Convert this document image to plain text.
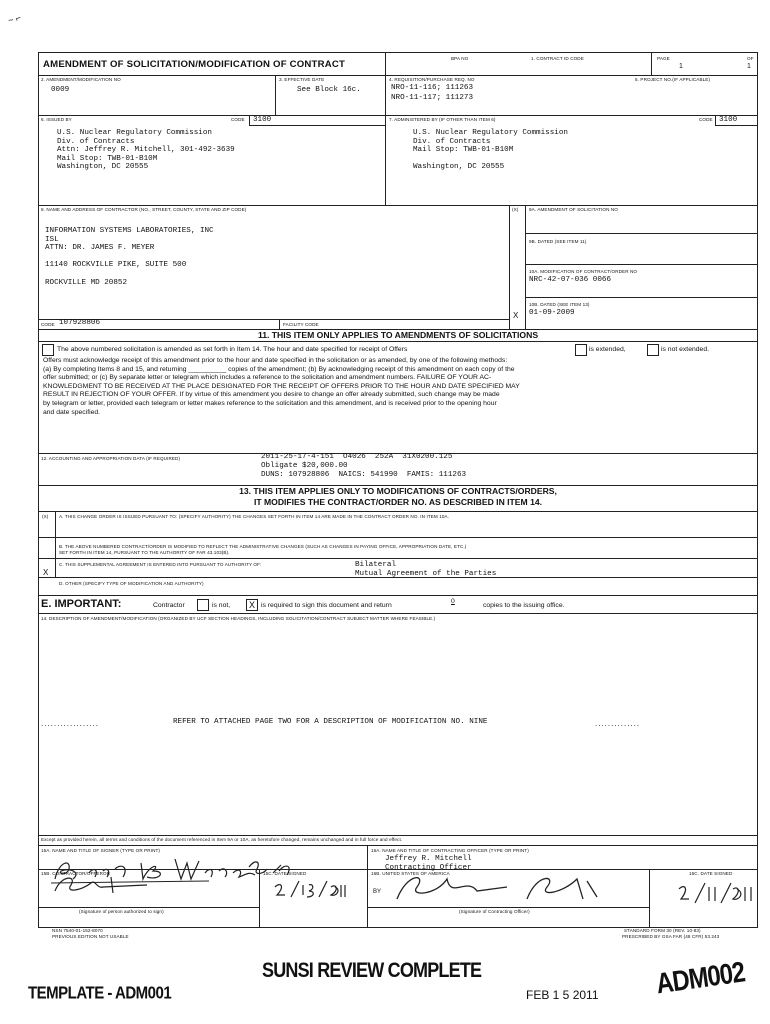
~ ⌐
AMENDMENT OF SOLICITATION/MODIFICATION OF CONTRACT
BPA NO	1. CONTRACT ID CODE	PAGE	OF
1	1
2. AMENDMENT/MODIFICATION NO
0009
3. EFFECTIVE DATE
See Block 16c.
4. REQUISITION/PURCHASE REQ. NO
NRO-11-116; 111263
NRO-11-117; 111273
5. PROJECT NO.(IF APPLICABLE)
6. ISSUED BY	CODE 3100
U.S. Nuclear Regulatory Commission
Div. of Contracts
Attn: Jeffrey R. Mitchell, 301-492-3639
Mail Stop: TWB-01-B10M
Washington, DC 20555
7. ADMINISTERED BY (IF OTHER THAN ITEM 6)	CODE 3100
U.S. Nuclear Regulatory Commission
Div. of Contracts
Mail Stop: TWB-01-B10M
Washington, DC 20555
8. NAME AND ADDRESS OF CONTRACTOR (NO., STREET, COUNTY, STATE AND ZIP CODE)
INFORMATION SYSTEMS LABORATORIES, INC
ISL
ATTN: DR. JAMES F. MEYER
11140 ROCKVILLE PIKE, SUITE 500
ROCKVILLE MD 20852
(X) 9A. AMENDMENT OF SOLICITATION NO
9B. DATED (SEE ITEM 11)
10A. MODIFICATION OF CONTRACT/ORDER NO
NRC-42-07-036 0066
10B. DATED (SEE ITEM 13)
01-09-2009
X
CODE 107928806	FACILITY CODE
11. THIS ITEM ONLY APPLIES TO AMENDMENTS OF SOLICITATIONS
The above numbered solicitation is amended as set forth in Item 14. The hour and date specified for receipt of Offers	is extended,	is not extended.
Offers must acknowledge receipt of this amendment prior to the hour and date specified in the solicitation or as amended, by one of the following methods:
(a) By completing Items 8 and 15, and returning __________ copies of the amendment; (b) By acknowledging receipt of this amendment on each copy of the
offer submitted; or (c) By separate letter or telegram which includes a reference to the solicitation and amendment numbers. FAILURE OF YOUR AC-
KNOWLEDGMENT TO BE RECEIVED AT THE PLACE DESIGNATED FOR THE RECEIPT OF OFFERS PRIOR TO THE HOUR AND DATE SPECIFIED MAY
RESULT IN REJECTION OF YOUR OFFER. If by virtue of this amendment you desire to change an offer already submitted, such change may be made
by telegram or letter, provided each telegram or letter makes reference to the solicitation and this amendment, and is received prior to the opening hour
and date specified.
12. ACCOUNTING AND APPROPRIATION DATA (IF REQUIRED)	2011-25-17-4-151  O4026  252A  31X0200.125
Obligate $20,000.00
DUNS: 107928806  NAICS: 541990  FAMIS: 111263
13. THIS ITEM APPLIES ONLY TO MODIFICATIONS OF CONTRACTS/ORDERS,
IT MODIFIES THE CONTRACT/ORDER NO. AS DESCRIBED IN ITEM 14.
(X) A. THIS CHANGE ORDER IS ISSUED PURSUANT TO: (SPECIFY AUTHORITY) THE CHANGES SET FORTH IN ITEM 14 ARE MADE IN THE CONTRACT ORDER NO. IN ITEM 10A.
B. THE ABOVE NUMBERED CONTRACT/ORDER IS MODIFIED TO REFLECT THE ADMINISTRATIVE CHANGES (SUCH AS CHANGES IN PAYING OFFICE, APPROPRIATION DATE, ETC.)
SET FORTH IN ITEM 14, PURSUANT TO THE AUTHORITY OF FAR 43.103(B).
C. THIS SUPPLEMENTAL AGREEMENT IS ENTERED INTO PURSUANT TO AUTHORITY OF:
X
Bilateral
Mutual Agreement of the Parties
D. OTHER (SPECIFY TYPE OF MODIFICATION AND AUTHORITY)
E. IMPORTANT:	Contractor	is not,	X is required to sign this document and return
0
copies to the issuing office.
14. DESCRIPTION OF AMENDMENT/MODIFICATION (ORGANIZED BY UCF SECTION HEADINGS, INCLUDING SOLICITATION/CONTRACT SUBJECT MATTER WHERE FEASIBLE.)
..................	REFER TO ATTACHED PAGE TWO FOR A DESCRIPTION OF MODIFICATION NO. NINE	..............
Except as provided herein, all terms and conditions of the document referenced in Item 9A or 10A, as heretofore changed, remains unchanged and in full force and effect.
15A. NAME AND TITLE OF SIGNER (TYPE OR PRINT)	16A. NAME AND TITLE OF CONTRACTING OFFICER (TYPE OR PRINT)
Jeffrey R. Mitchell
Contracting Officer
15B. CONTRACTOR/OFFEROR	15C. DATE SIGNED
(Signature of person authorized to sign)
16B. UNITED STATES OF AMERICA	16C. DATE SIGNED
BY
(Signature of Contracting Officer)
NSN 7540-01-152-8070
PREVIOUS EDITION NOT USABLE
STANDARD FORM 30 (REV. 10-83)
PRESCRIBED BY GSA FAR (48 CFR) 53.243
TEMPLATE - ADM001
SUNSI REVIEW COMPLETE
FEB 1 5 2011 ADM002
